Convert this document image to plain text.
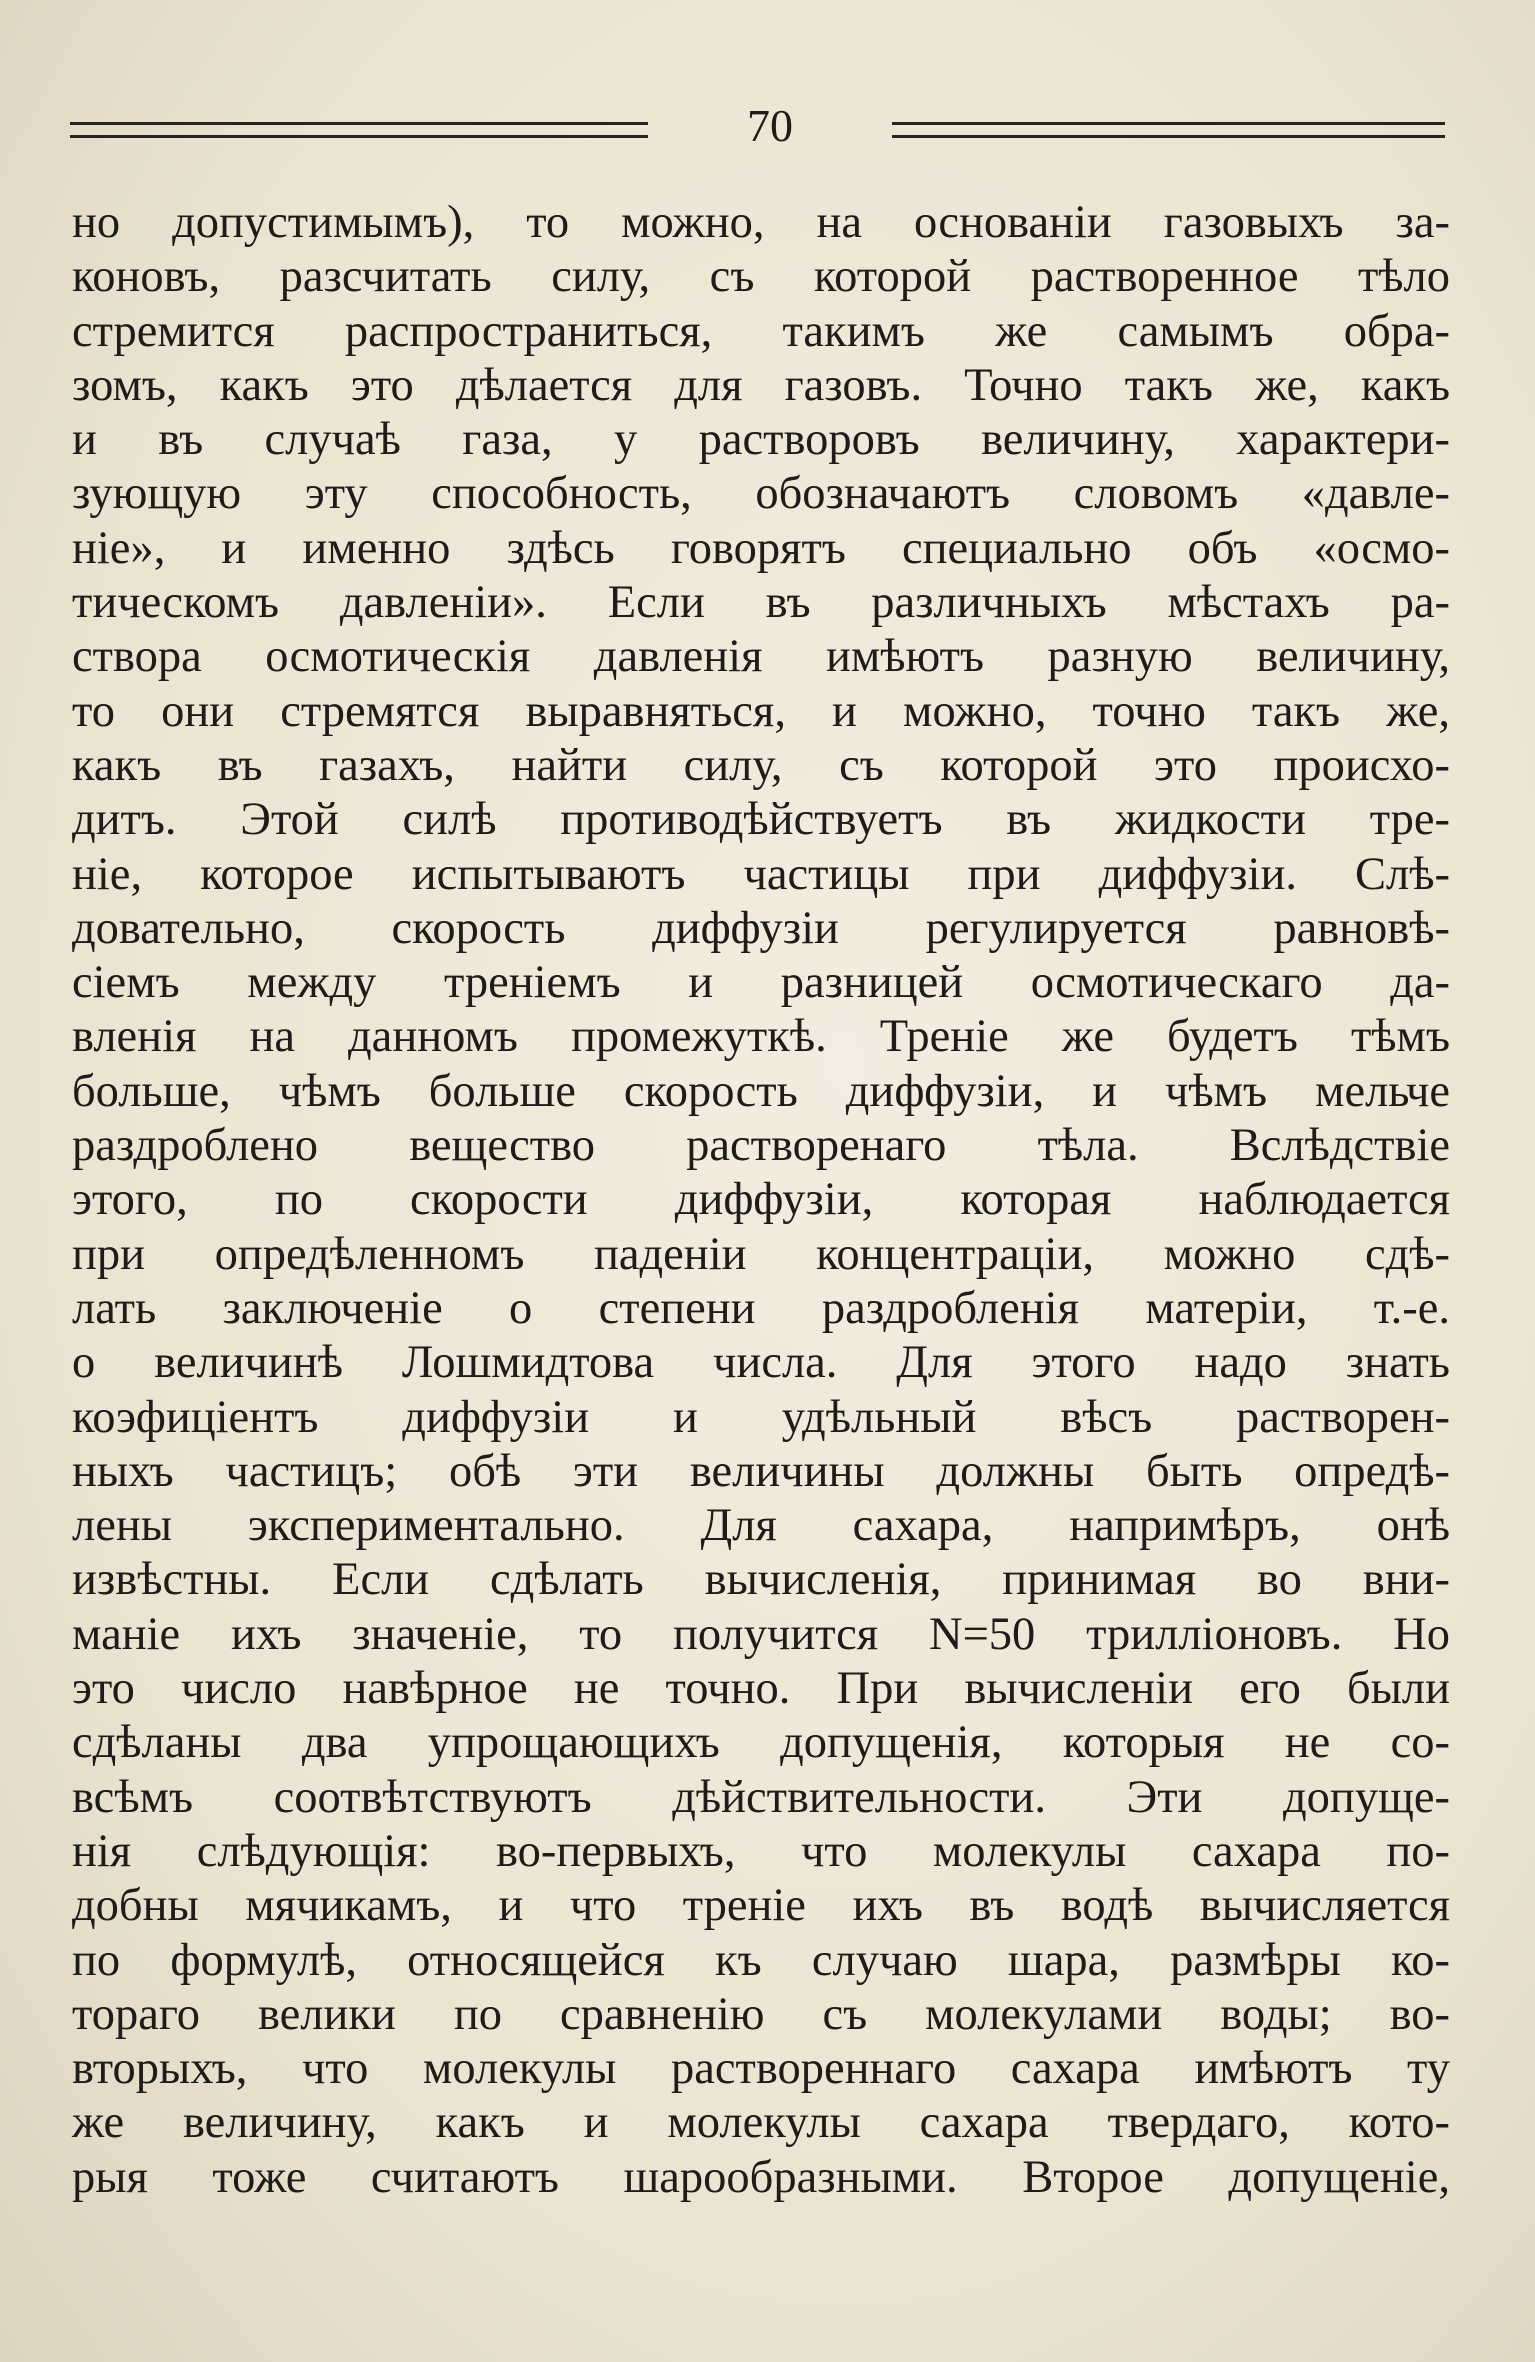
70
но допустимымъ), то можно, на основанiи газовыхъ за-
коновъ, разсчитать силу, съ которой растворенное тѣло
стремится распространиться, такимъ же самымъ обра-
зомъ, какъ это дѣлается для газовъ. Точно такъ же, какъ
и въ случаѣ газа, у растворовъ величину, характери-
зующую эту способность, обозначаютъ словомъ «давле-
нiе», и именно здѣсь говорятъ специально объ «осмо-
тическомъ давленiи». Если въ различныхъ мѣстахъ ра-
створа осмотическiя давленiя имѣютъ разную величину,
то они стремятся выравняться, и можно, точно такъ же,
какъ въ газахъ, найти силу, съ которой это происхо-
дитъ. Этой силѣ противодѣйствуетъ въ жидкости тре-
нiе, которое испытываютъ частицы при диффузiи. Слѣ-
довательно, скорость диффузiи регулируется равновѣ-
сiемъ между тренiемъ и разницей осмотическаго да-
вленiя на данномъ промежуткѣ. Тренiе же будетъ тѣмъ
больше, чѣмъ больше скорость диффузiи, и чѣмъ мельче
раздроблено вещество растворенаго тѣла. Вслѣдствiе
этого, по скорости диффузiи, которая наблюдается
при опредѣленномъ паденiи концентрацiи, можно сдѣ-
лать заключенiе о степени раздробленiя матерiи, т.-е.
о величинѣ Лошмидтова числа. Для этого надо знать
коэфицiентъ диффузiи и удѣльный вѣсъ растворен-
ныхъ частицъ; обѣ эти величины должны быть опредѣ-
лены экспериментально. Для сахара, напримѣръ, онѣ
извѣстны. Если сдѣлать вычисленiя, принимая во вни-
манiе ихъ значенiе, то получится N=50 триллiоновъ. Но
это число навѣрное не точно. При вычисленiи его были
сдѣланы два упрощающихъ допущенiя, которыя не со-
всѣмъ соотвѣтствуютъ дѣйствительности. Эти допуще-
нiя слѣдующiя: во-первыхъ, что молекулы сахара по-
добны мячикамъ, и что тренiе ихъ въ водѣ вычисляется
по формулѣ, относящейся къ случаю шара, размѣры ко-
тораго велики по сравненiю съ молекулами воды; во-
вторыхъ, что молекулы раствореннаго сахара имѣютъ ту
же величину, какъ и молекулы сахара твердаго, кото-
рыя тоже считаютъ шарообразными. Второе допущенiе,
